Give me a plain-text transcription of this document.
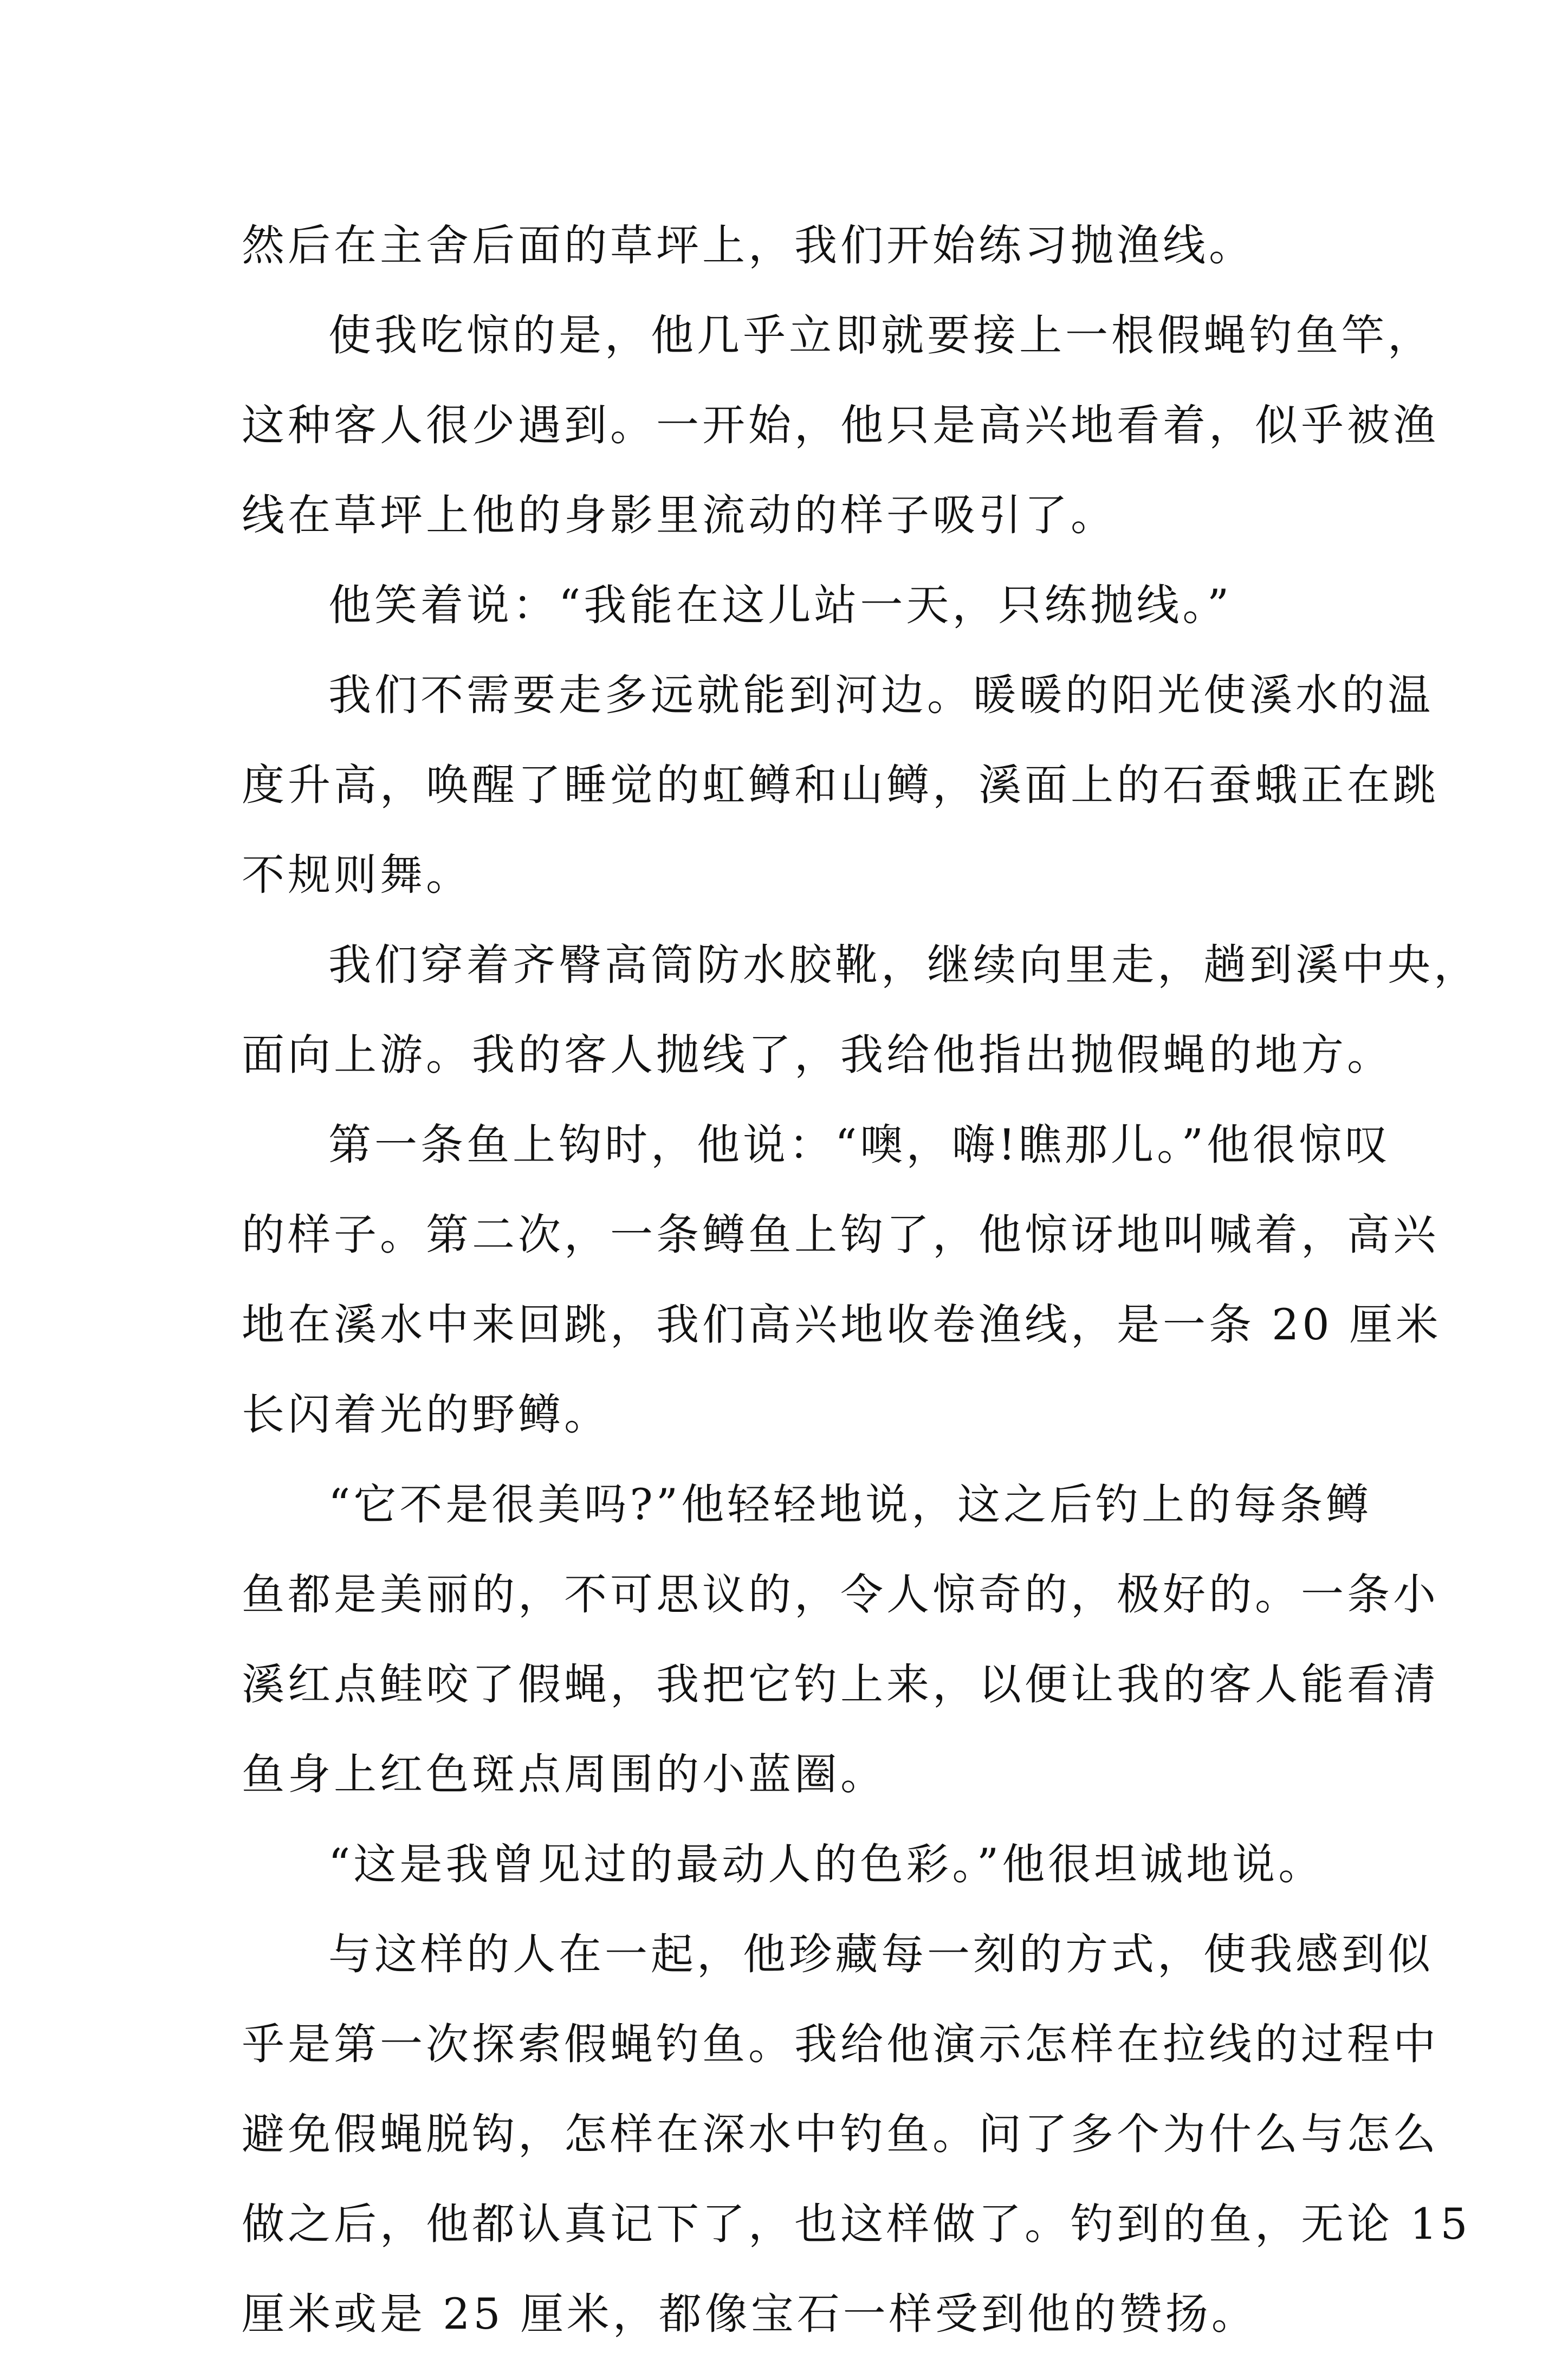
然后在主舍后面的草坪上，我们开始练习抛渔线。
使我吃惊的是，他几乎立即就要接上一根假蝇钓鱼竿，
这种客人很少遇到。一开始，他只是高兴地看着，似乎被渔
线在草坪上他的身影里流动的样子吸引了。
他笑着说：“我能在这儿站一天，只练抛线。”
我们不需要走多远就能到河边。暖暖的阳光使溪水的温
度升高，唤醒了睡觉的虹鳟和山鳟，溪面上的石蚕蛾正在跳
不规则舞。
我们穿着齐臀高筒防水胶靴，继续向里走，趟到溪中央，
面向上游。我的客人抛线了，我给他指出抛假蝇的地方。
第一条鱼上钩时，他说：“噢，嗨!瞧那儿。”他很惊叹
的样子。第二次，一条鳟鱼上钩了，他惊讶地叫喊着，高兴
地在溪水中来回跳，我们高兴地收卷渔线，是一条 20 厘米
长闪着光的野鳟。
“它不是很美吗?”他轻轻地说，这之后钓上的每条鳟
鱼都是美丽的，不可思议的，令人惊奇的，极好的。一条小
溪红点鲑咬了假蝇，我把它钓上来，以便让我的客人能看清
鱼身上红色斑点周围的小蓝圈。
“这是我曾见过的最动人的色彩。”他很坦诚地说。
与这样的人在一起，他珍藏每一刻的方式，使我感到似
乎是第一次探索假蝇钓鱼。我给他演示怎样在拉线的过程中
避免假蝇脱钩，怎样在深水中钓鱼。问了多个为什么与怎么
做之后，他都认真记下了，也这样做了。钓到的鱼，无论 15
厘米或是 25 厘米，都像宝石一样受到他的赞扬。
